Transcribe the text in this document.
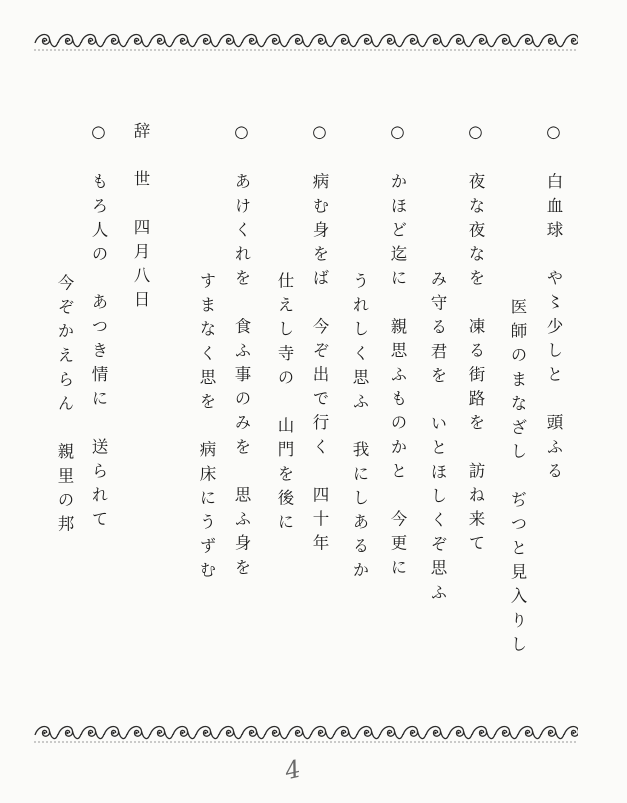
○　白血球　や〻少しと　頭ふる
医師のまなざし　ぢつと見入りし
○　夜な夜なを　凍る街路を　訪ね来て
み守る君を　いとほしくぞ思ふ
○　かほど迄に　親思ふものかと　今更に
うれしく思ふ　我にしあるか
○　病む身をば　今ぞ出で行く　四十年
仕えし寺の　山門を後に
○　あけくれを　食ふ事のみを　思ふ身を
すまなく思を　病床にうずむ
辞　世　四月八日
○　もろ人の　あつき情に　送られて
今ぞかえらん　親里の邦
4
